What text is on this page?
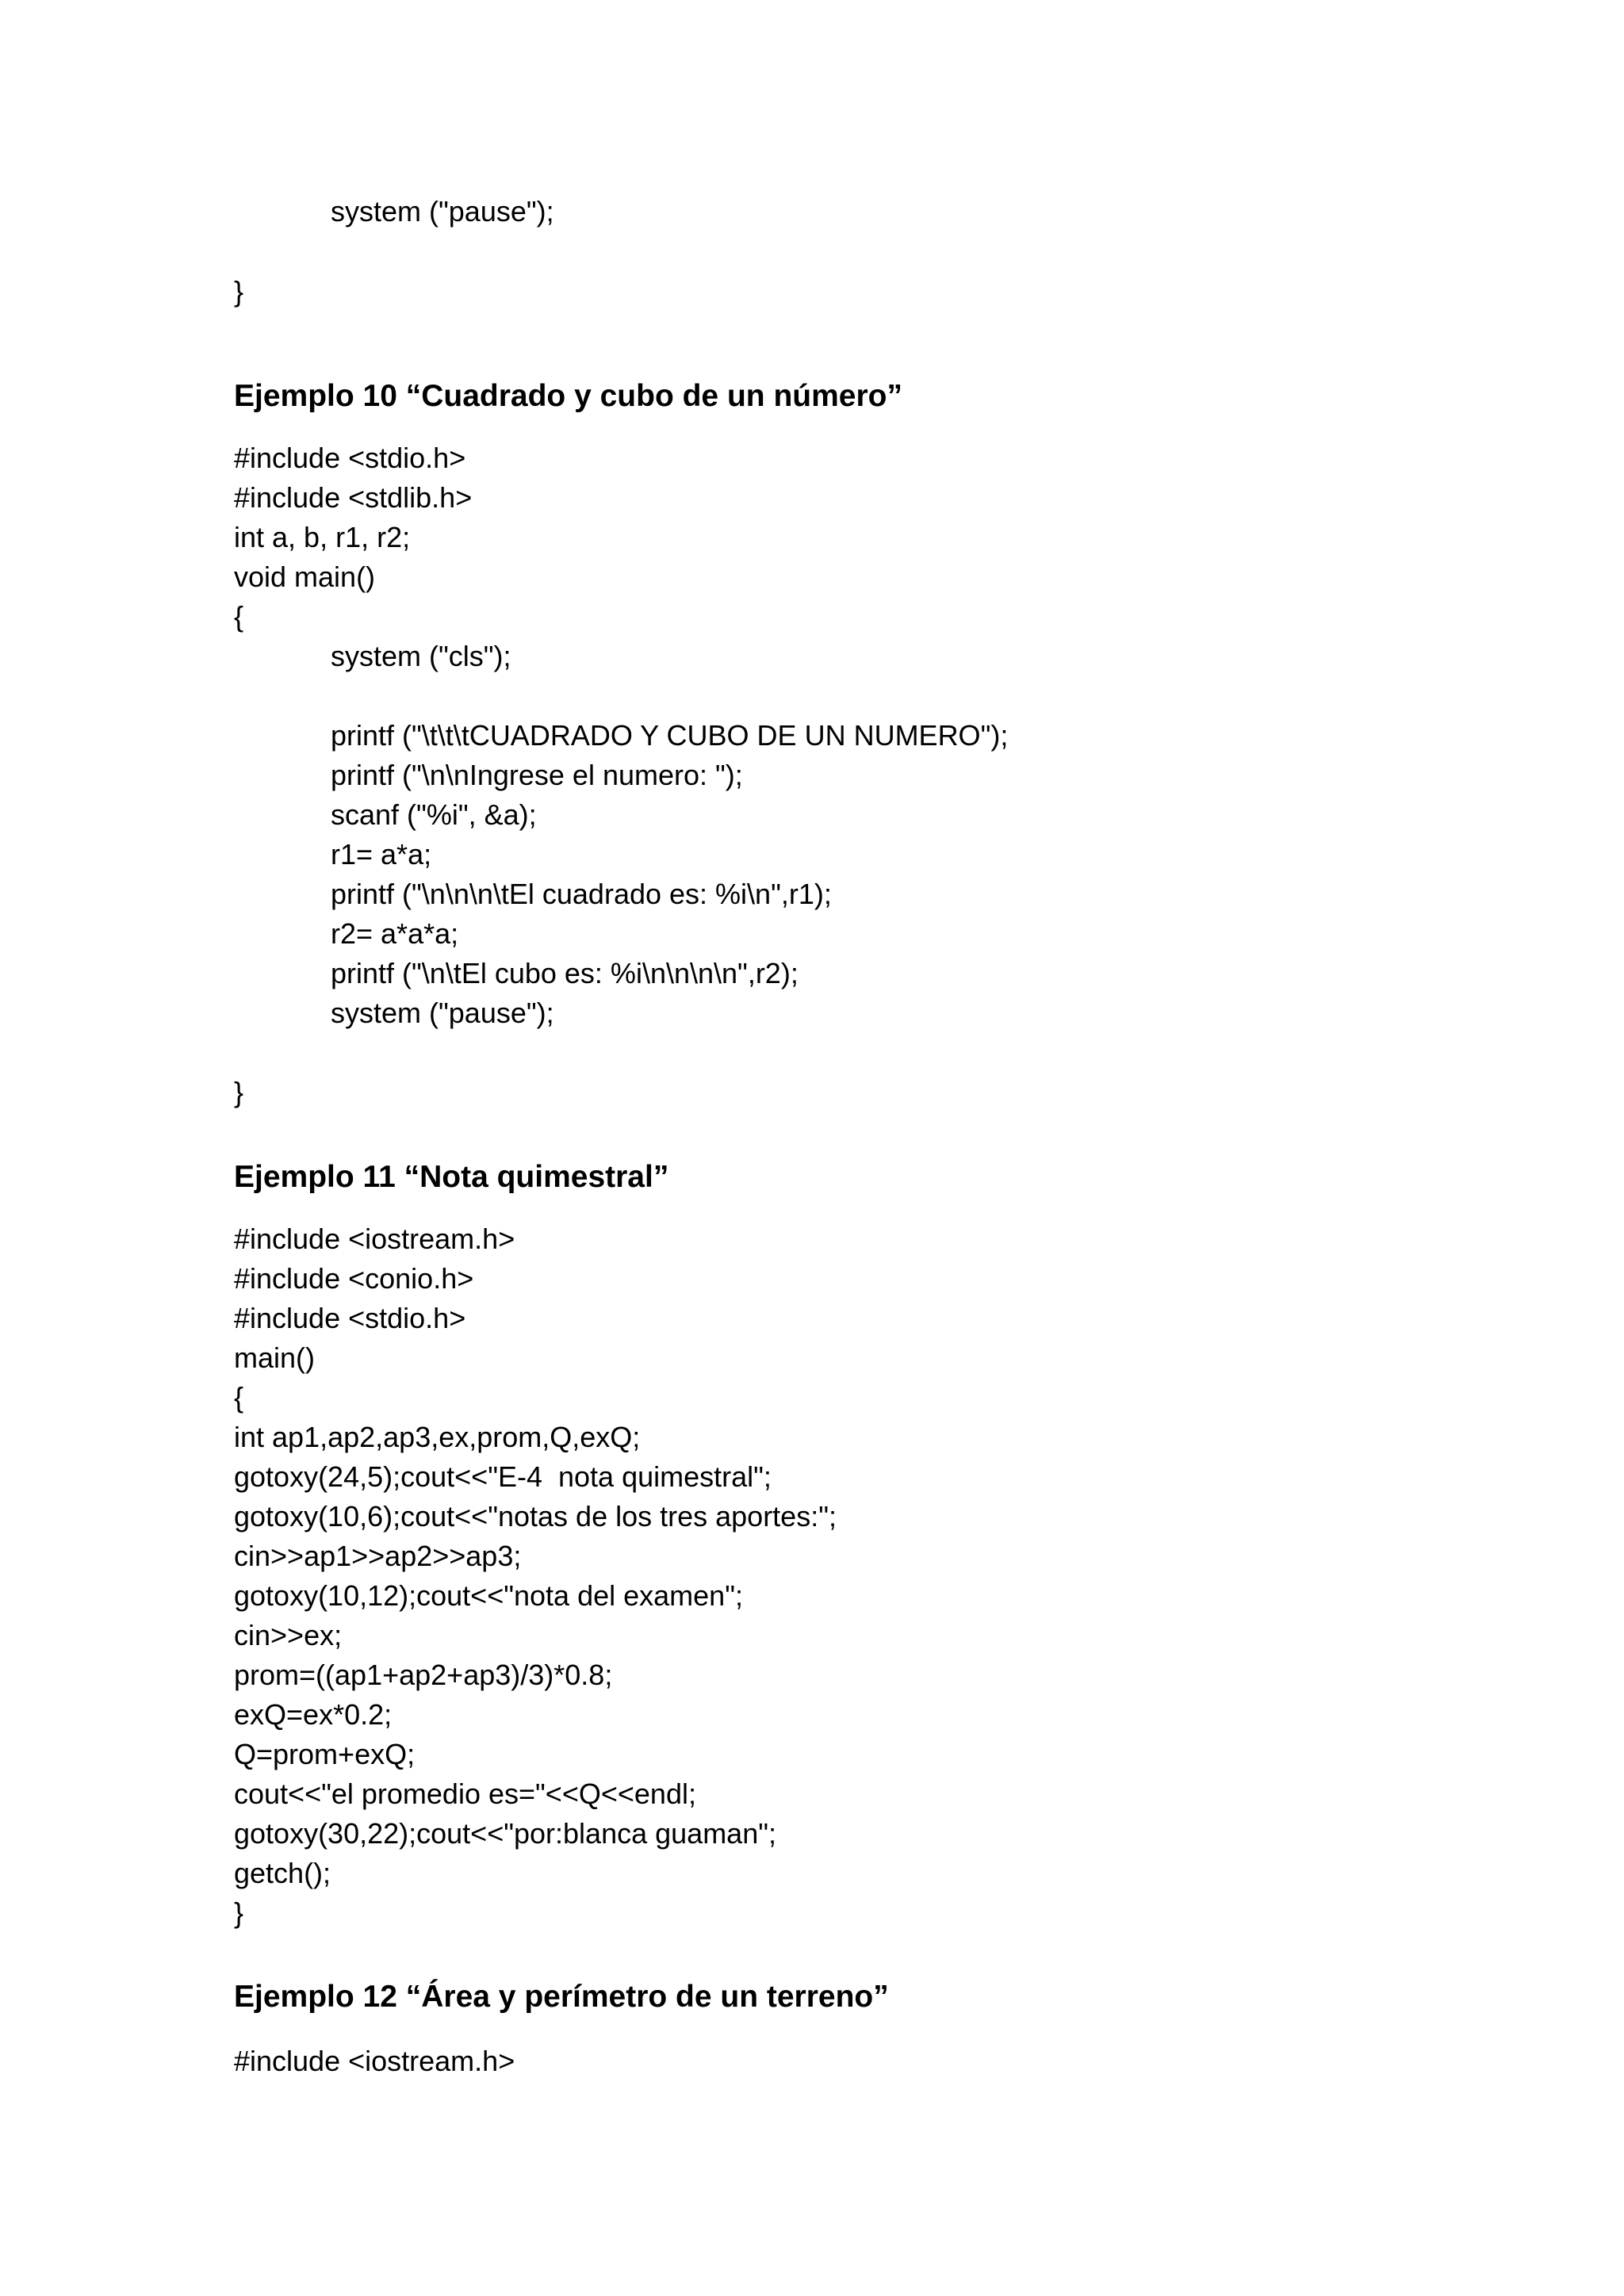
system ("pause");
}
Ejemplo 10 “Cuadrado y cubo de un número”
#include <stdio.h>
#include <stdlib.h>
int a, b, r1, r2;
void main()
{
system ("cls");
printf ("\t\t\tCUADRADO Y CUBO DE UN NUMERO");
printf ("\n\nIngrese el numero: ");
scanf ("%i", &a);
r1= a*a;
printf ("\n\n\n\tEl cuadrado es: %i\n",r1);
r2= a*a*a;
printf ("\n\tEl cubo es: %i\n\n\n\n",r2);
system ("pause");
}
Ejemplo 11 “Nota quimestral”
#include <iostream.h>
#include <conio.h>
#include <stdio.h>
main()
{
int ap1,ap2,ap3,ex,prom,Q,exQ;
gotoxy(24,5);cout<<"E-4  nota quimestral";
gotoxy(10,6);cout<<"notas de los tres aportes:";
cin>>ap1>>ap2>>ap3;
gotoxy(10,12);cout<<"nota del examen";
cin>>ex;
prom=((ap1+ap2+ap3)/3)*0.8;
exQ=ex*0.2;
Q=prom+exQ;
cout<<"el promedio es="<<Q<<endl;
gotoxy(30,22);cout<<"por:blanca guaman";
getch();
}
Ejemplo 12 “Área y perímetro de un terreno”
#include <iostream.h>
